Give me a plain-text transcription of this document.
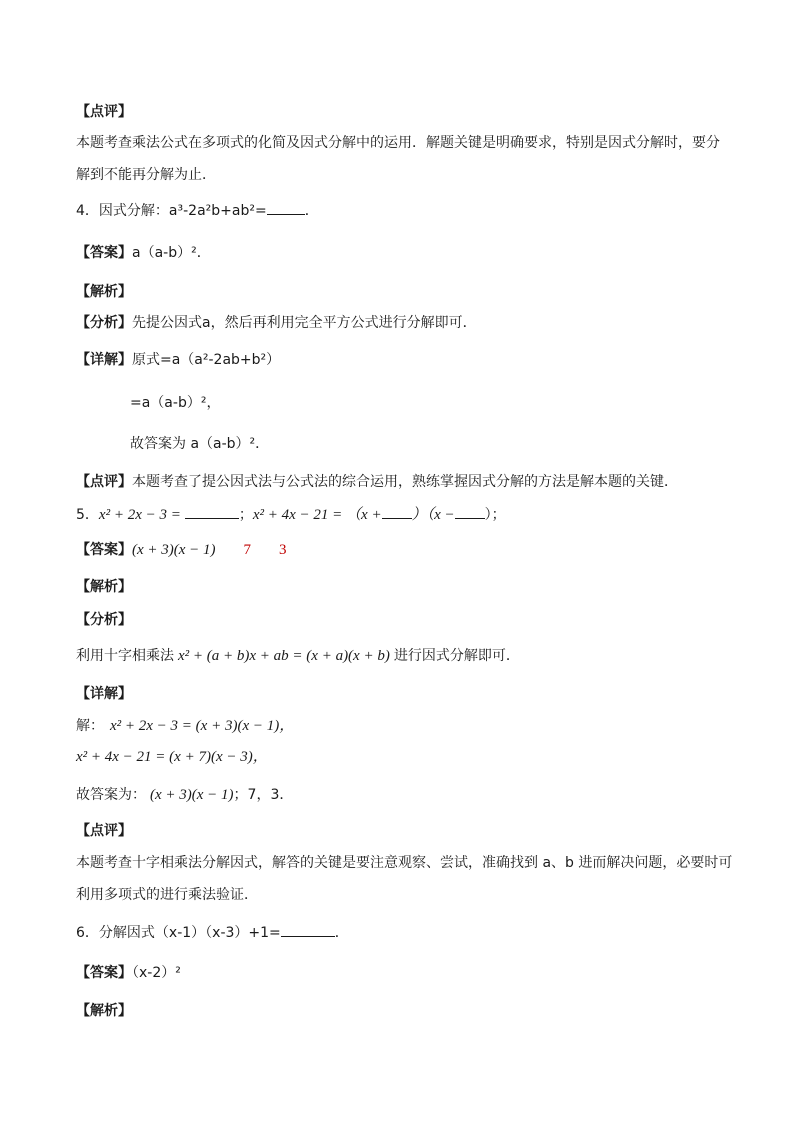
【点评】
本题考查乘法公式在多项式的化简及因式分解中的运用．解题关键是明确要求，特别是因式分解时，要分
解到不能再分解为止．
4．因式分解：a³-2a²b+ab²=	．
【答案】a（a-b）²．
【解析】
【分析】先提公因式a，然后再利用完全平方公式进行分解即可．
【详解】原式=a（a²-2ab+b²）
=a（a-b）²，
故答案为 a（a-b）²．
【点评】本题考查了提公因式法与公式法的综合运用，熟练掌握因式分解的方法是解本题的关键．
5．x² + 2x − 3 =	；x² + 4x − 21 = （x + ）（x − ）；
【答案】(x + 3)(x − 1) 7 3
【解析】
【分析】
利用十字相乘法 x² + (a + b)x + ab = (x + a)(x + b) 进行因式分解即可．
【详解】
解： x² + 2x − 3 = (x + 3)(x − 1)，
x² + 4x − 21 = (x + 7)(x − 3)，
故答案为： (x + 3)(x − 1)；7，3．
【点评】
本题考查十字相乘法分解因式，解答的关键是要注意观察、尝试，准确找到 a、b 进而解决问题，必要时可
利用多项式的进行乘法验证．
6．分解因式（x-1）（x-3）+1=	．
【答案】（x-2）²
【解析】
